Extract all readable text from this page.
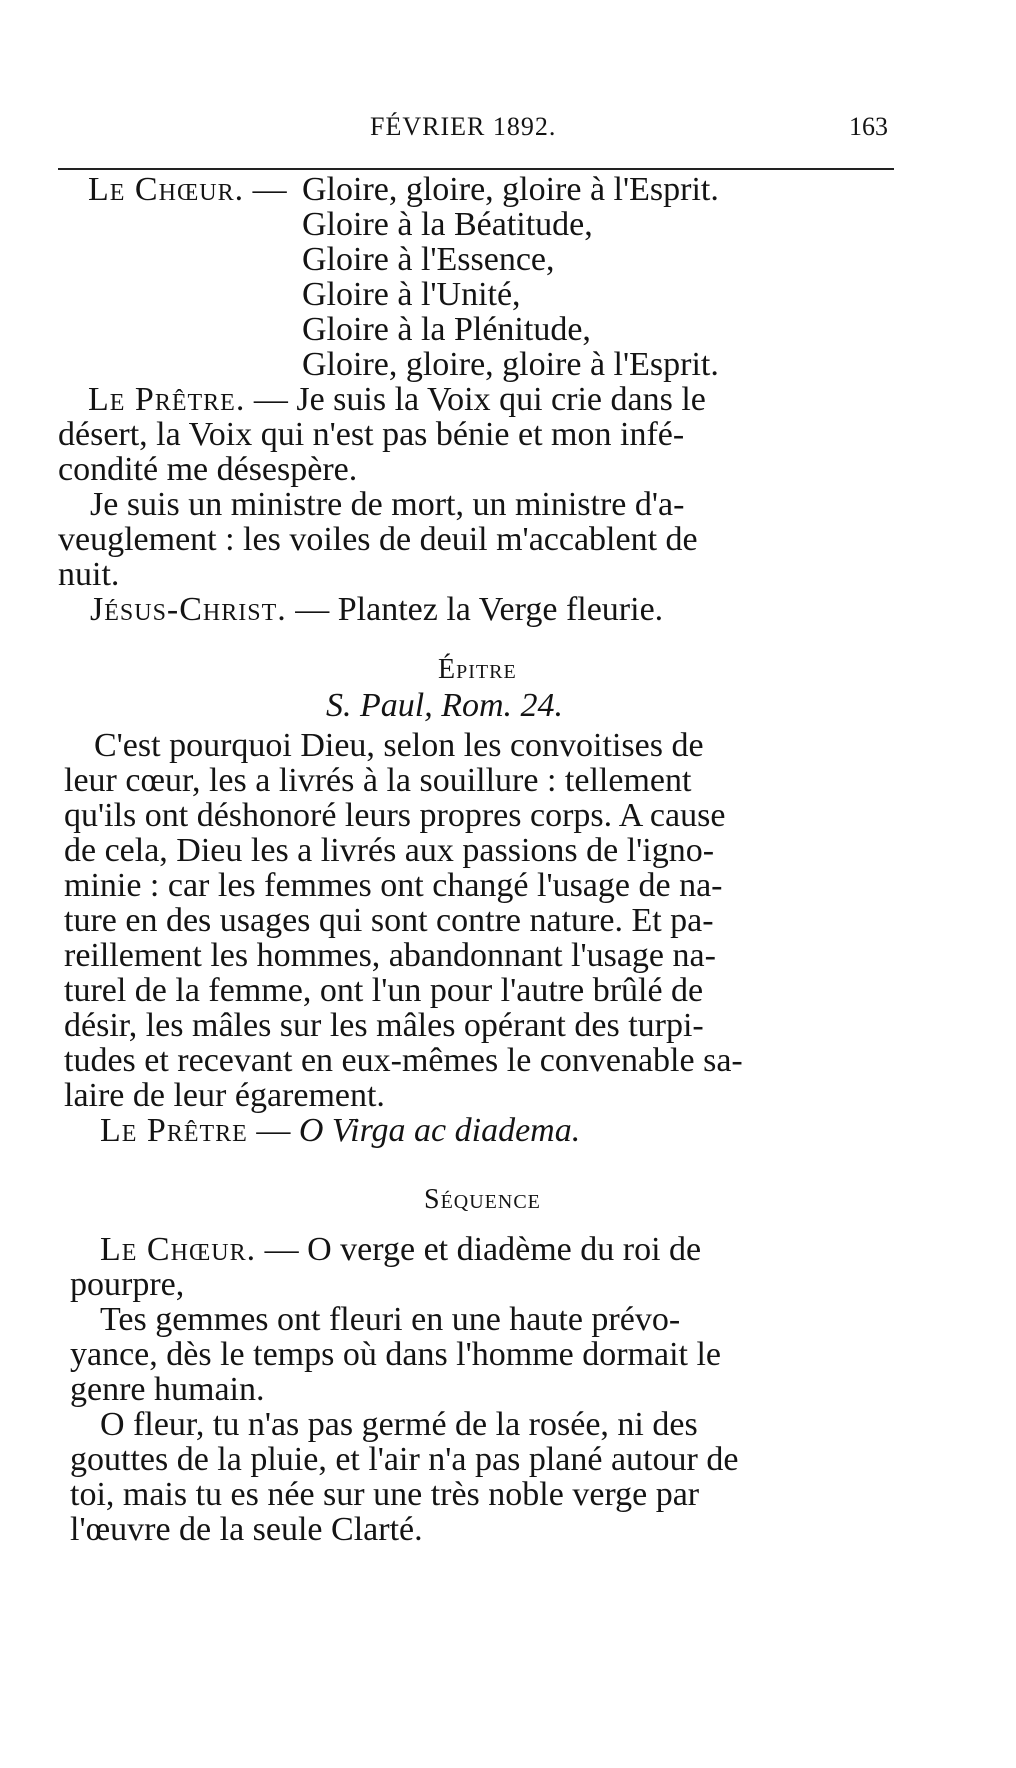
FÉVRIER 1892.	163
Le Chœur. — Gloire, gloire, gloire à l'Esprit.
Gloire à la Béatitude,
Gloire à l'Essence,
Gloire à l'Unité,
Gloire à la Plénitude,
Gloire, gloire, gloire à l'Esprit.
Le Prêtre. — Je suis la Voix qui crie dans le
désert, la Voix qui n'est pas bénie et mon infé-
condité me désespère.
Je suis un ministre de mort, un ministre d'a-
veuglement : les voiles de deuil m'accablent de
nuit.
Jésus-Christ. — Plantez la Verge fleurie.
Épitre
S. Paul, Rom. 24.
C'est pourquoi Dieu, selon les convoitises de
leur cœur, les a livrés à la souillure : tellement
qu'ils ont déshonoré leurs propres corps. A cause
de cela, Dieu les a livrés aux passions de l'igno-
minie : car les femmes ont changé l'usage de na-
ture en des usages qui sont contre nature. Et pa-
reillement les hommes, abandonnant l'usage na-
turel de la femme, ont l'un pour l'autre brûlé de
désir, les mâles sur les mâles opérant des turpi-
tudes et recevant en eux-mêmes le convenable sa-
laire de leur égarement.
Le Prêtre — O Virga ac diadema.
Séquence
Le Chœur. — O verge et diadème du roi de
pourpre,
Tes gemmes ont fleuri en une haute prévo-
yance, dès le temps où dans l'homme dormait le
genre humain.
O fleur, tu n'as pas germé de la rosée, ni des
gouttes de la pluie, et l'air n'a pas plané autour de
toi, mais tu es née sur une très noble verge par
l'œuvre de la seule Clarté.
